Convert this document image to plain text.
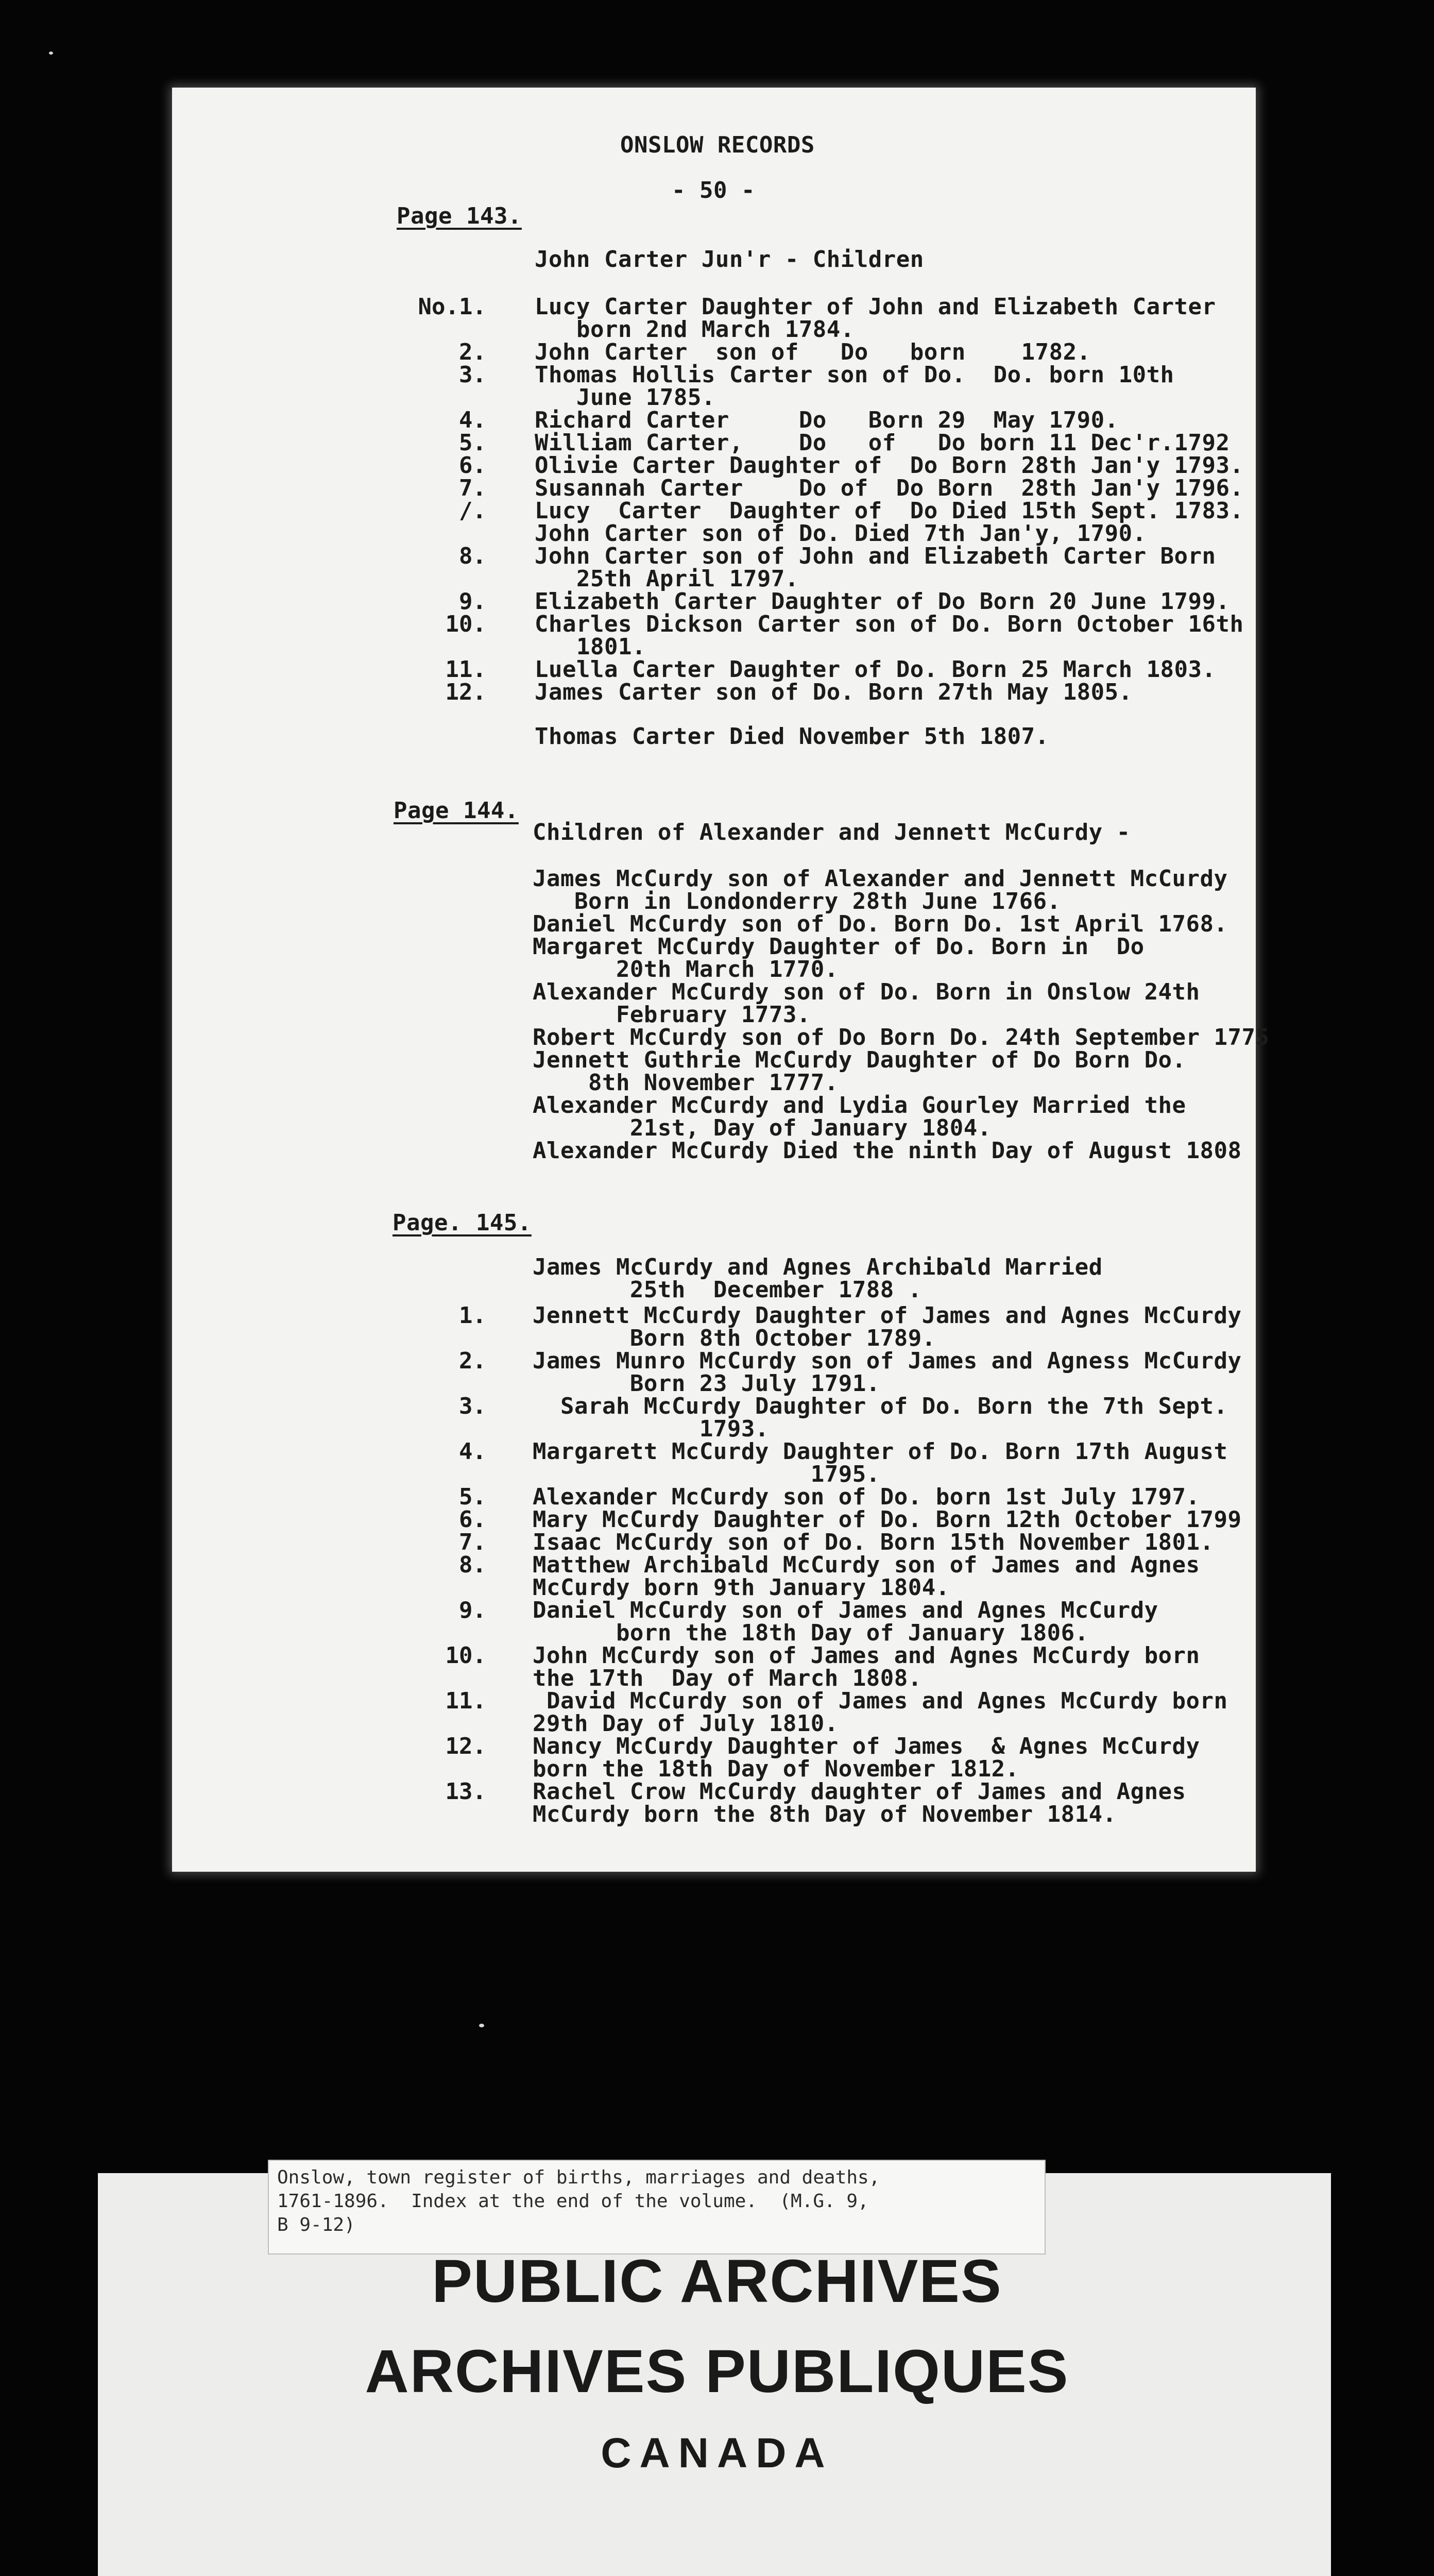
ONSLOW RECORDS
- 50 -
Page 143.
John Carter Jun'r - Children
No.1. Lucy Carter Daughter of John and Elizabeth Carter
born 2nd March 1784.
2. John Carter  son of   Do   born    1782.
3. Thomas Hollis Carter son of Do.  Do. born 10th
June 1785.
4. Richard Carter     Do   Born 29  May 1790.
5. William Carter,    Do   of   Do born 11 Dec'r.1792
6. Olivie Carter Daughter of  Do Born 28th Jan'y 1793.
7. Susannah Carter    Do of  Do Born  28th Jan'y 1796.
/. Lucy  Carter  Daughter of  Do Died 15th Sept. 1783.
John Carter son of Do. Died 7th Jan'y, 1790.
8. John Carter son of John and Elizabeth Carter Born
25th April 1797.
9. Elizabeth Carter Daughter of Do Born 20 June 1799.
10. Charles Dickson Carter son of Do. Born October 16th
1801.
11. Luella Carter Daughter of Do. Born 25 March 1803.
12. James Carter son of Do. Born 27th May 1805.
Thomas Carter Died November 5th 1807.
Page 144.
Children of Alexander and Jennett McCurdy -
James McCurdy son of Alexander and Jennett McCurdy
Born in Londonderry 28th June 1766.
Daniel McCurdy son of Do. Born Do. 1st April 1768.
Margaret McCurdy Daughter of Do. Born in  Do
20th March 1770.
Alexander McCurdy son of Do. Born in Onslow 24th
February 1773.
Robert McCurdy son of Do Born Do. 24th September 1775
Jennett Guthrie McCurdy Daughter of Do Born Do.
8th November 1777.
Alexander McCurdy and Lydia Gourley Married the
21st, Day of January 1804.
Alexander McCurdy Died the ninth Day of August 1808
Page. 145.
James McCurdy and Agnes Archibald Married
25th  December 1788 .
1. Jennett McCurdy Daughter of James and Agnes McCurdy
Born 8th October 1789.
2. James Munro McCurdy son of James and Agness McCurdy
Born 23 July 1791.
3. Sarah McCurdy Daughter of Do. Born the 7th Sept.
1793.
4. Margarett McCurdy Daughter of Do. Born 17th August
1795.
5. Alexander McCurdy son of Do. born 1st July 1797.
6. Mary McCurdy Daughter of Do. Born 12th October 1799
7. Isaac McCurdy son of Do. Born 15th November 1801.
8. Matthew Archibald McCurdy son of James and Agnes
McCurdy born 9th January 1804.
9. Daniel McCurdy son of James and Agnes McCurdy
born the 18th Day of January 1806.
10. John McCurdy son of James and Agnes McCurdy born
the 17th  Day of March 1808.
11. David McCurdy son of James and Agnes McCurdy born
29th Day of July 1810.
12. Nancy McCurdy Daughter of James  & Agnes McCurdy
born the 18th Day of November 1812.
13. Rachel Crow McCurdy daughter of James and Agnes
McCurdy born the 8th Day of November 1814.
Onslow, town register of births, marriages and deaths,
1761-1896.  Index at the end of the volume.  (M.G. 9,
B 9-12)
PUBLIC ARCHIVES
ARCHIVES PUBLIQUES
CANADA
